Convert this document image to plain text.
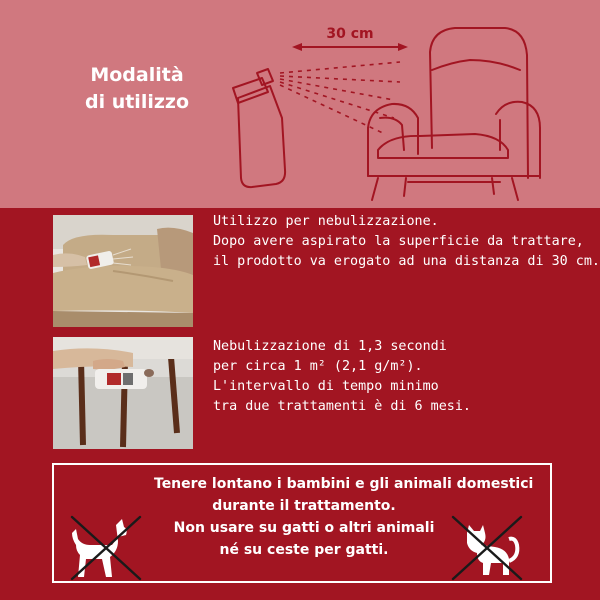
Modalità
di utilizzo
30 cm
Utilizzo per nebulizzazione.
Dopo avere aspirato la superficie da trattare,
il prodotto va erogato ad una distanza di 30 cm.
Nebulizzazione di 1,3 secondi
per circa 1 m² (2,1 g/m²).
L'intervallo di tempo minimo
tra due trattamenti è di 6 mesi.
Tenere lontano i bambini e gli animali domestici
durante il trattamento.
Non usare su gatti o altri animali
né su ceste per gatti.
